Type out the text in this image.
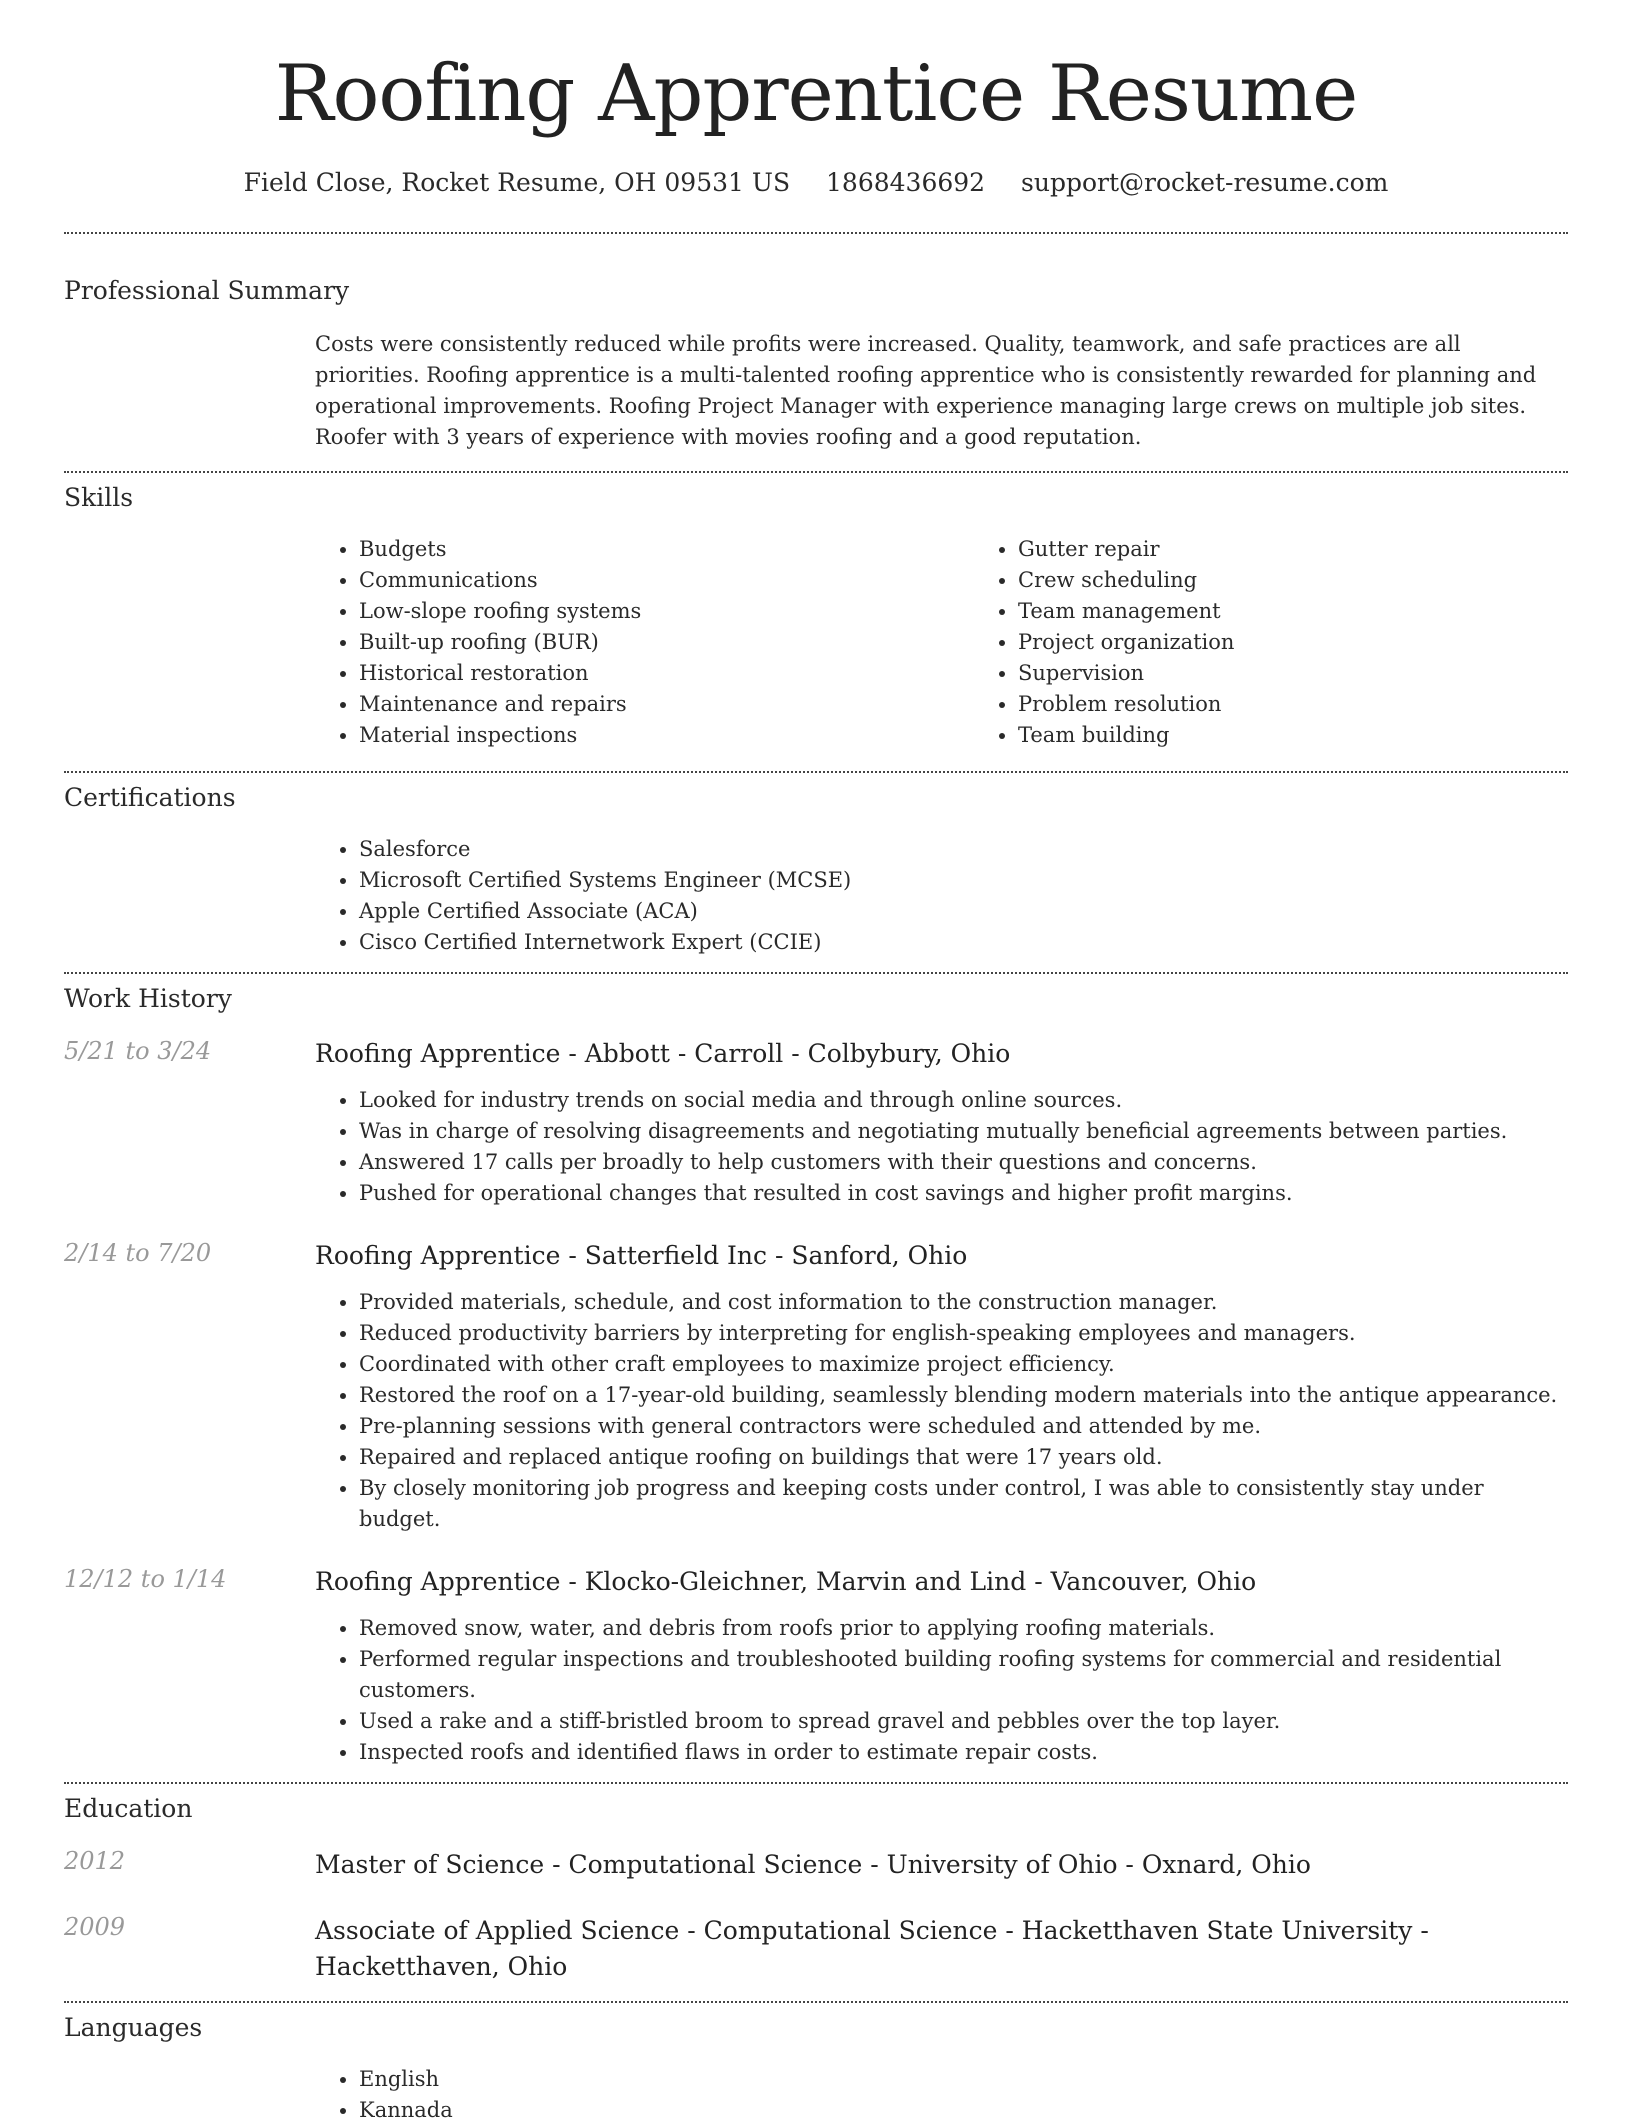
Roofing Apprentice Resume
Field Close, Rocket Resume, OH 09531 US 1868436692 support@rocket-resume.com
Professional Summary

Costs were consistently reduced while profits were increased. Quality, teamwork, and safe practices are all priorities. Roofing apprentice is a multi-talented roofing apprentice who is consistently rewarded for planning and operational improvements. Roofing Project Manager with experience managing large crews on multiple job sites. Roofer with 3 years of experience with movies roofing and a good reputation.

Skills
• Budgets
• Communications
• Low-slope roofing systems
• Built-up roofing (BUR)
• Historical restoration
• Maintenance and repairs
• Material inspections
• Gutter repair
• Crew scheduling
• Team management
• Project organization
• Supervision
• Problem resolution
• Team building
Certifications
• Salesforce
• Microsoft Certified Systems Engineer (MCSE)
• Apple Certified Associate (ACA)
• Cisco Certified Internetwork Expert (CCIE)
Work History
5/21 to 3/24	Roofing Apprentice - Abbott - Carroll - Colbybury, Ohio
• Looked for industry trends on social media and through online sources.
• Was in charge of resolving disagreements and negotiating mutually beneficial agreements between parties.
• Answered 17 calls per broadly to help customers with their questions and concerns.
• Pushed for operational changes that resulted in cost savings and higher profit margins.
2/14 to 7/20	Roofing Apprentice - Satterfield Inc - Sanford, Ohio
• Provided materials, schedule, and cost information to the construction manager.
• Reduced productivity barriers by interpreting for english-speaking employees and managers.
• Coordinated with other craft employees to maximize project efficiency.
• Restored the roof on a 17-year-old building, seamlessly blending modern materials into the antique appearance.
• Pre-planning sessions with general contractors were scheduled and attended by me.
• Repaired and replaced antique roofing on buildings that were 17 years old.
• By closely monitoring job progress and keeping costs under control, I was able to consistently stay under budget.
12/12 to 1/14	Roofing Apprentice - Klocko-Gleichner, Marvin and Lind - Vancouver, Ohio
• Removed snow, water, and debris from roofs prior to applying roofing materials.
• Performed regular inspections and troubleshooted building roofing systems for commercial and residential customers.
• Used a rake and a stiff-bristled broom to spread gravel and pebbles over the top layer.
• Inspected roofs and identified flaws in order to estimate repair costs.
Education
2012	Master of Science - Computational Science - University of Ohio - Oxnard, Ohio
2009	Associate of Applied Science - Computational Science - Hacketthaven State University - Hacketthaven, Ohio
Languages
• English
• Kannada
